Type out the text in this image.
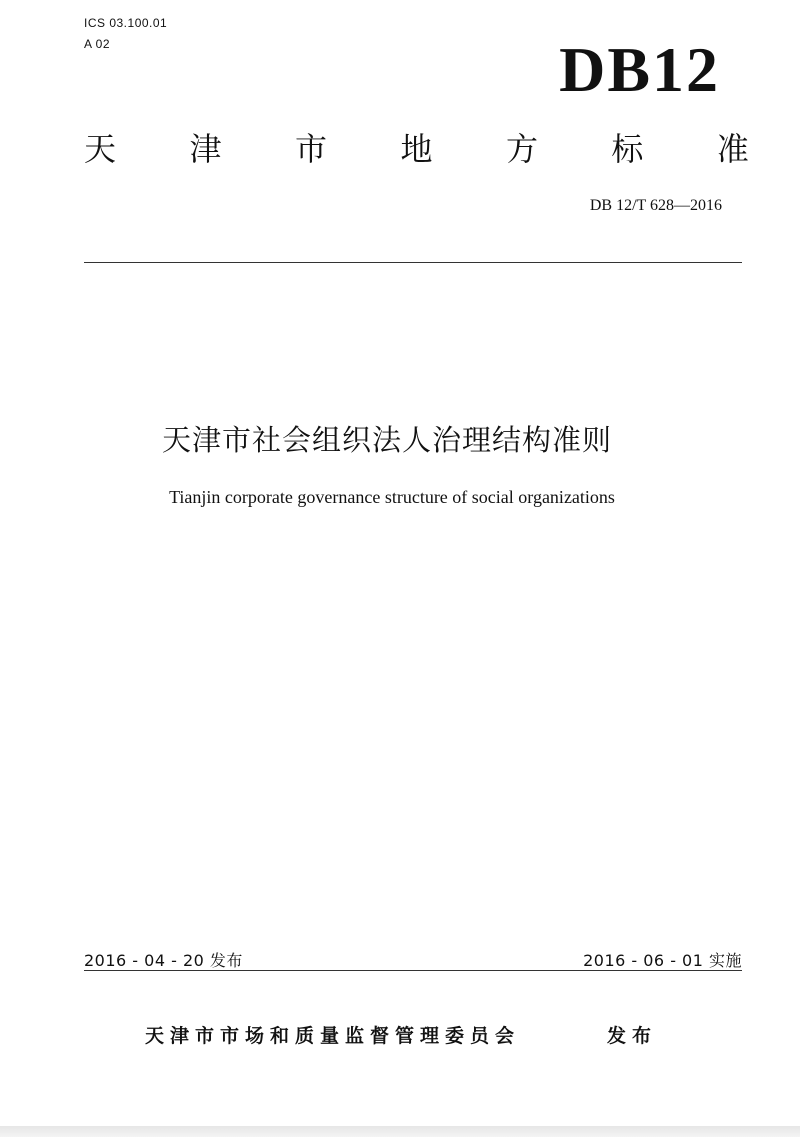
ICS 03.100.01
A 02	DB12
天 津 市 地 方 标 准
DB 12/T 628—2016
天津市社会组织法人治理结构准则
Tianjin corporate governance structure of social organizations
2016 - 04 - 20 发布	2016 - 06 - 01 实施
天津市市场和质量监督管理委员会	发布
